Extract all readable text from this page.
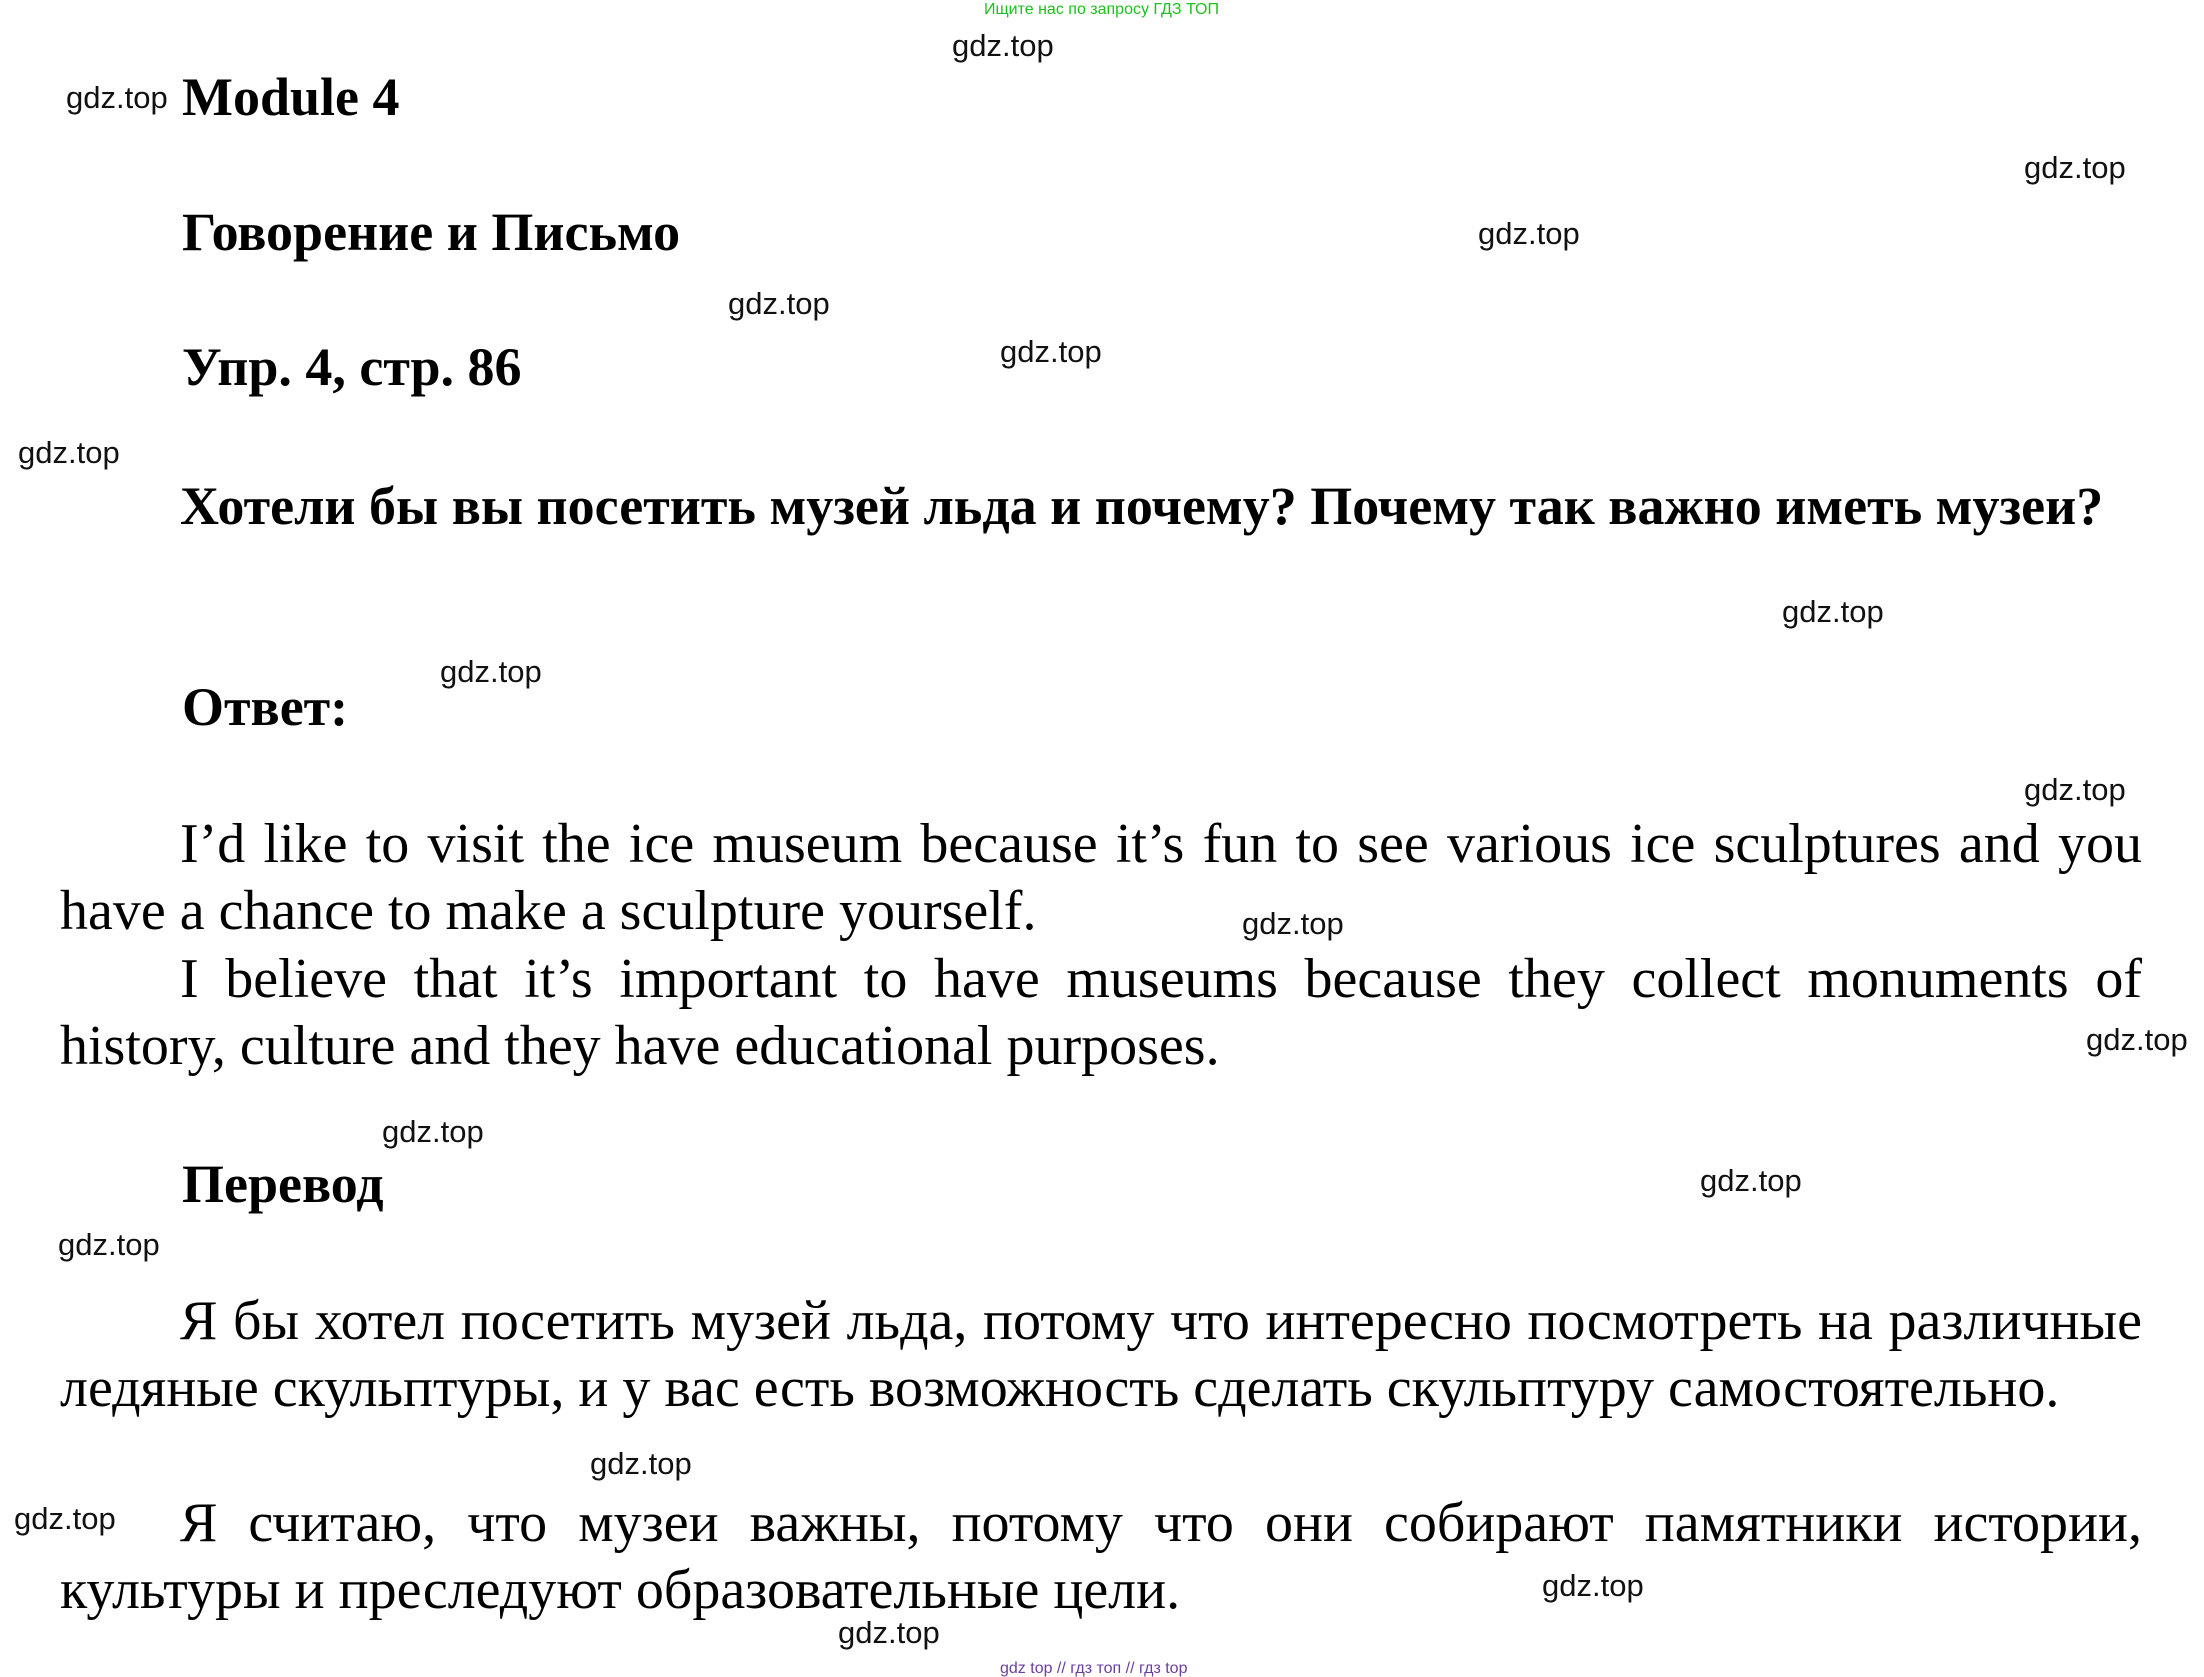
Ищите нас по запросу ГДЗ ТОП
Module 4
Говорение и Письмо
Упр. 4, стр. 86

Хотели бы вы посетить музей льда и почему? Почему так важно иметь музеи?

Ответ:

I’d like to visit the ice museum because it’s fun to see various ice sculptures and you have a chance to make a sculpture yourself.

I believe that it’s important to have museums because they collect monuments of history, culture and they have educational purposes.

Перевод

Я бы хотел посетить музей льда, потому что интересно посмотреть на различные ледяные скульптуры, и у вас есть возможность сделать скульптуру самостоятельно.

Я считаю, что музеи важны, потому что они собирают памятники истории, культуры и преследуют образовательные цели.

gdz.top
gdz.top
gdz.top
gdz.top
gdz.top
gdz.top
gdz.top
gdz.top
gdz.top
gdz.top
gdz.top
gdz.top
gdz.top
gdz.top
gdz.top
gdz.top
gdz.top
gdz.top
gdz.top
gdz top // гдз топ // гдз top
